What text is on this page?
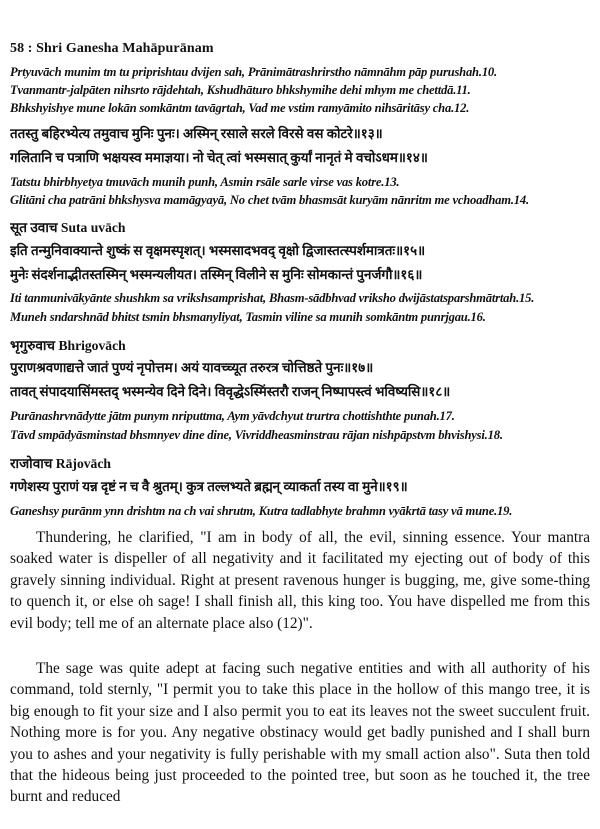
58 : Shri Ganesha Mahāpurānam
Prtyuvāch munim tm tu priprishtau dvijen sah, Prānimātrashrirstho nāmnāhm pāp purushah.10.
Tvanmantr-jalpāten nihsrto rājdehtah, Kshudhāturo bhkshymihe dehi mhym me chettdā.11.
Bhkshyishye mune lokān somkāntm tavāgrtah, Vad me vstim ramyāmito nihsāritāsy cha.12.
ततस्तु बहिरभ्येत्य तमुवाच मुनिः पुनः। अस्मिन् रसाले सरले विरसे वस कोटरे॥१३॥
गलितानि च पत्राणि भक्षयस्व ममाज्ञया। नो चेत् त्वां भस्मसात् कुर्यां नानृतं मे वचोऽधम॥१४॥
Tatstu bhirbhyetya tmuvāch munih punh, Asmin rsāle sarle virse vas kotre.13.
Glitāni cha patrāni bhkshysva mamāgyayā, No chet tvām bhasmsāt kuryām nānritm me vchoadham.14.
सूत उवाच Suta uvāch
इति तन्मुनिवाक्यान्ते शुष्कं स वृक्षमस्पृशत्। भस्मसादभवद् वृक्षो द्विजास्तत्स्पर्शमात्रतः॥१५॥
मुनेः संदर्शनाद्भीतस्तस्मिन् भस्मन्यलीयत। तस्मिन् विलीने स मुनिः सोमकान्तं पुनर्जगौ॥१६॥
Iti tanmunivākyānte shushkm sa vrikshsamprishat, Bhasm-sādbhvad vriksho dwijāstatsparshmātrtah.15.
Muneh sndarshnād bhitst tsmin bhsmanyliyat, Tasmin viline sa munih somkāntm punrjgau.16.
भृगुरुवाच Bhrigovāch
पुराणश्रवणाद्यत्ते जातं पुण्यं नृपोत्तम। अयं यावच्च्यूत तरुरत्र चोत्तिष्ठते पुनः॥१७॥
तावत् संपादयासिंमस्तद् भस्मन्येव दिने दिने। विवृद्धेऽस्मिंस्तरौ राजन् निष्पापस्त्वं भविष्यसि॥१८॥
Purānashrvnādytte jātm punym nriputtma, Aym yāvdchyut trurtra chottishthte punah.17.
Tāvd smpādyāsminstad bhsmnyev dine dine, Vivriddheasminstrau rājan nishpāpstvm bhvishysi.18.
राजोवाच Rājovāch
गणेशस्य पुराणं यन्न दृष्टं न च वै श्रुतम्। कुत्र तल्लभ्यते ब्रह्मन् व्याकर्ता तस्य वा मुने॥१९॥
Ganeshsy purānm ynn drishtm na ch vai shrutm, Kutra tadlabhyte brahmn vyākrtā tasy vā mune.19.

Thundering, he clarified, "I am in body of all, the evil, sinning essence. Your mantra soaked water is dispeller of all negativity and it facilitated my ejecting out of body of this gravely sinning individual. Right at present ravenous hunger is bugging, me, give some-thing to quench it, or else oh sage! I shall finish all, this king too. You have dispelled me from this evil body; tell me of an alternate place also (12)".

The sage was quite adept at facing such negative entities and with all authority of his command, told sternly, "I permit you to take this place in the hollow of this mango tree, it is big enough to fit your size and I also permit you to eat its leaves not the sweet succulent fruit. Nothing more is for you. Any negative obstinacy would get badly punished and I shall burn you to ashes and your negativity is fully perishable with my small action also". Suta then told that the hideous being just proceeded to the pointed tree, but soon as he touched it, the tree burnt and reduced
